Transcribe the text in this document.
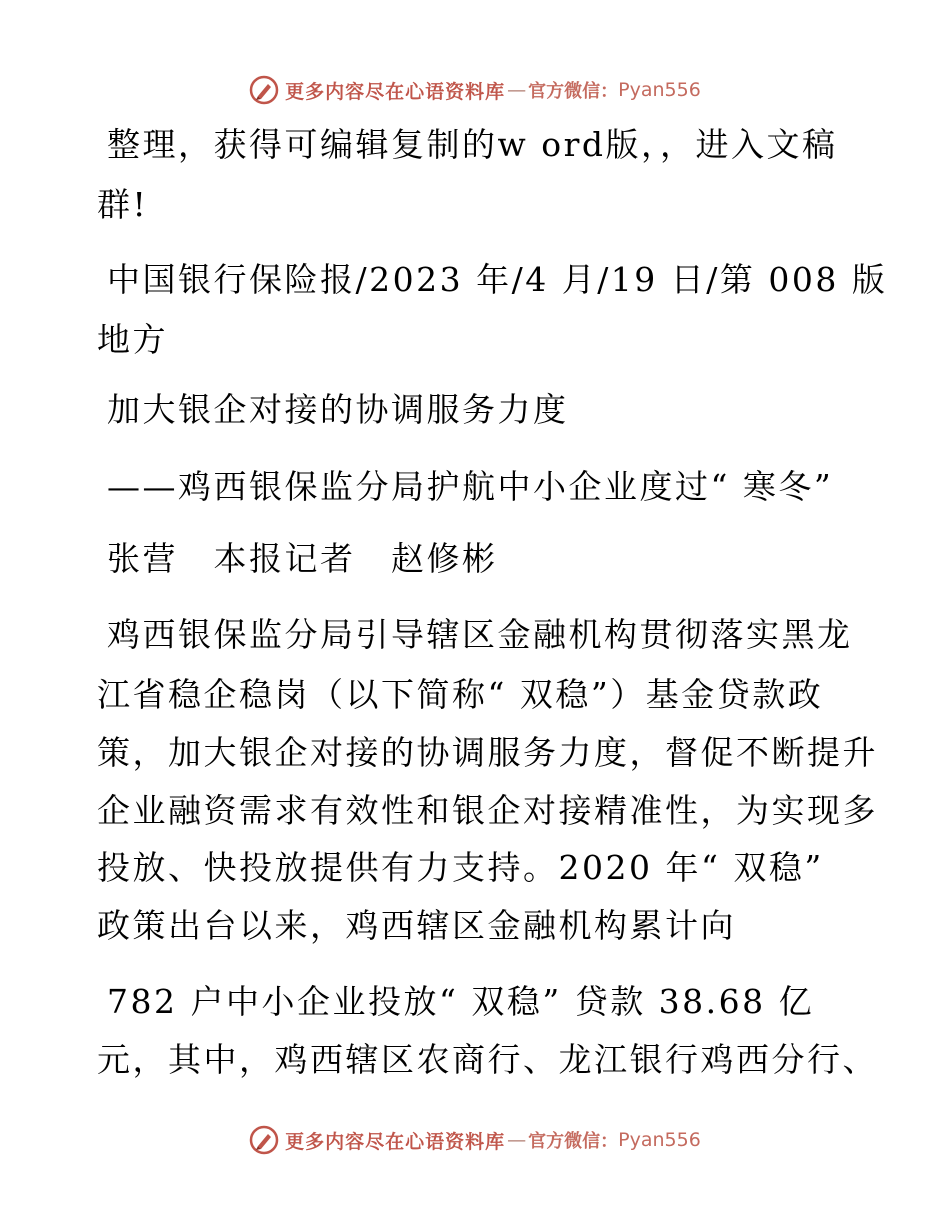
更多内容尽在心语资料库 — 官方微信： Pyan556
整理，获得可编辑复制的w ord版，，进入文稿
群!
中国银行保险报/2023 年/4 月/19 日/第 008 版
地方
加大银企对接的协调服务力度
——鸡西银保监分局护航中小企业度过“ 寒冬”
张营　本报记者　赵修彬
鸡西银保监分局引导辖区金融机构贯彻落实黑龙
江省稳企稳岗（以下简称“ 双稳”）基金贷款政
策，加大银企对接的协调服务力度，督促不断提升
企业融资需求有效性和银企对接精准性，为实现多
投放、快投放提供有力支持。2020 年“ 双稳”
政策出台以来，鸡西辖区金融机构累计向
782 户中小企业投放“ 双稳” 贷款 38.68 亿
元，其中，鸡西辖区农商行、龙江银行鸡西分行、
更多内容尽在心语资料库 — 官方微信： Pyan556
